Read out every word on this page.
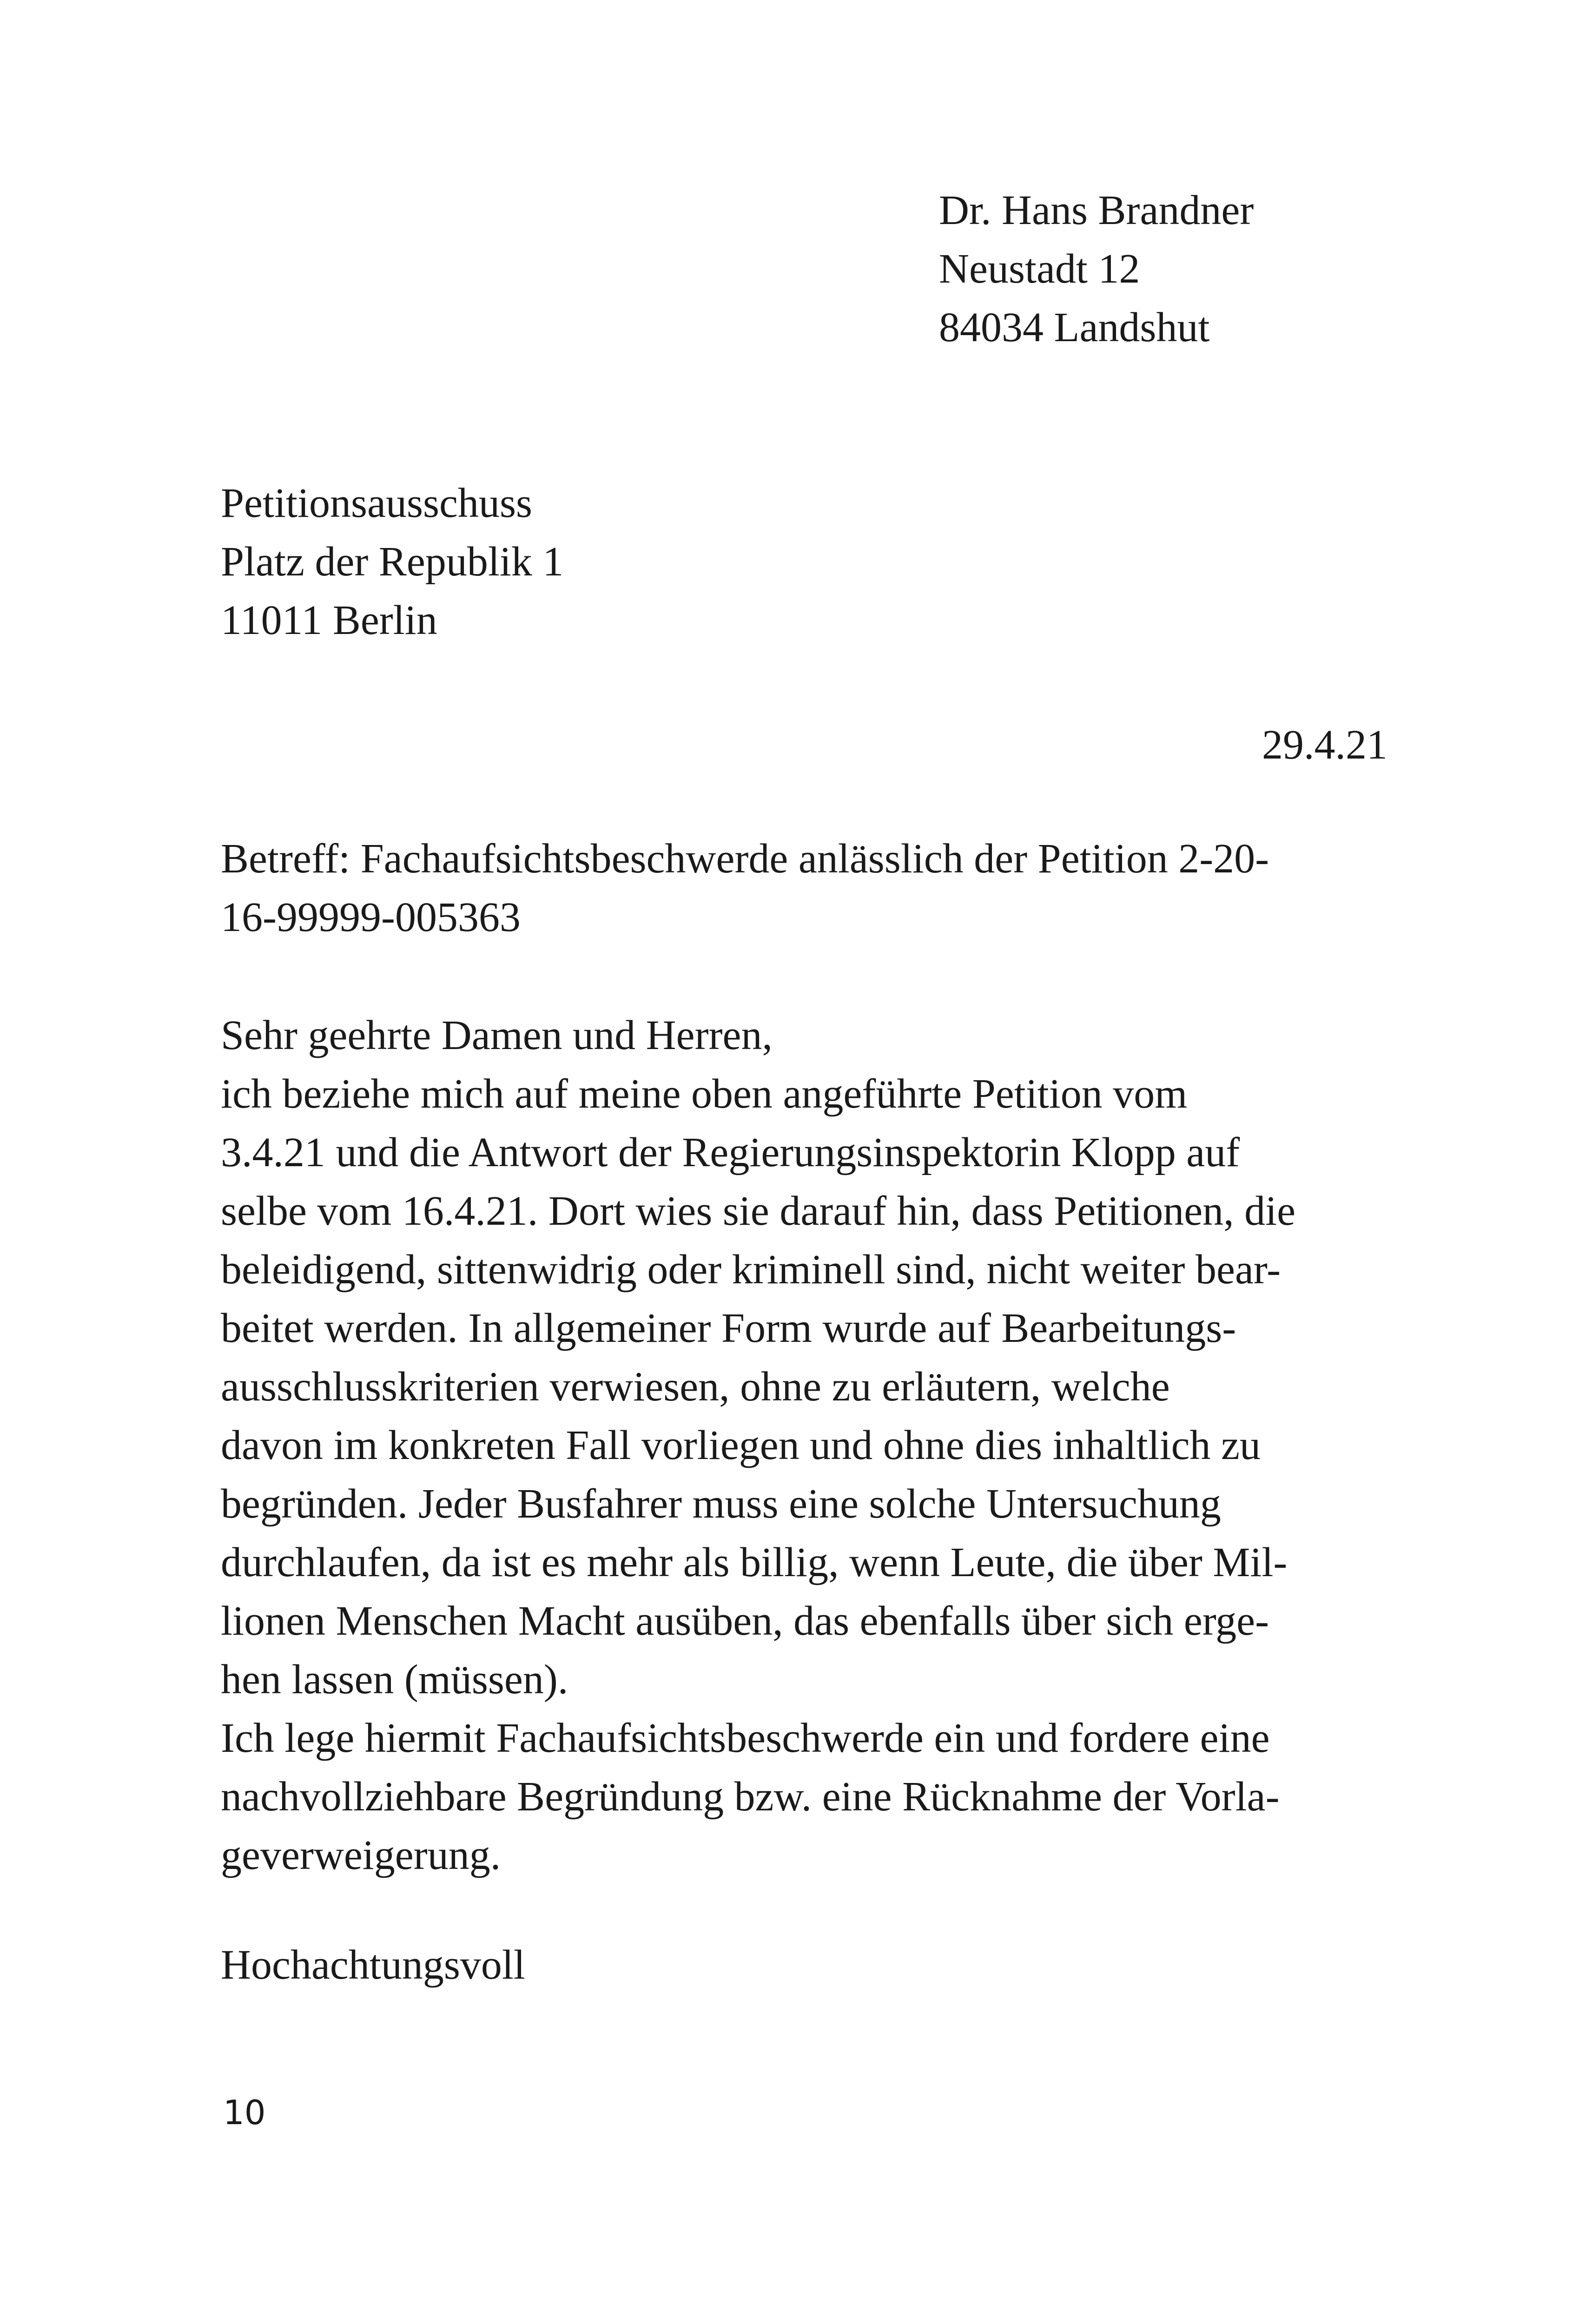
Dr. Hans Brandner
Neustadt 12
84034 Landshut
Petitionsausschuss
Platz der Republik 1
11011 Berlin
29.4.21
Betreff: Fachaufsichtsbeschwerde anlässlich der Petition 2-20-
16-99999-005363
Sehr geehrte Damen und Herren,
ich beziehe mich auf meine oben angeführte Petition vom
3.4.21 und die Antwort der Regierungsinspektorin Klopp auf
selbe vom 16.4.21. Dort wies sie darauf hin, dass Petitionen, die
beleidigend, sittenwidrig oder kriminell sind, nicht weiter bear-
beitet werden. In allgemeiner Form wurde auf Bearbeitungs-
ausschlusskriterien verwiesen, ohne zu erläutern, welche
davon im konkreten Fall vorliegen und ohne dies inhaltlich zu
begründen. Jeder Busfahrer muss eine solche Untersuchung
durchlaufen, da ist es mehr als billig, wenn Leute, die über Mil-
lionen Menschen Macht ausüben, das ebenfalls über sich erge-
hen lassen (müssen).
Ich lege hiermit Fachaufsichtsbeschwerde ein und fordere eine
nachvollziehbare Begründung bzw. eine Rücknahme der Vorla-
geverweigerung.
Hochachtungsvoll
10
